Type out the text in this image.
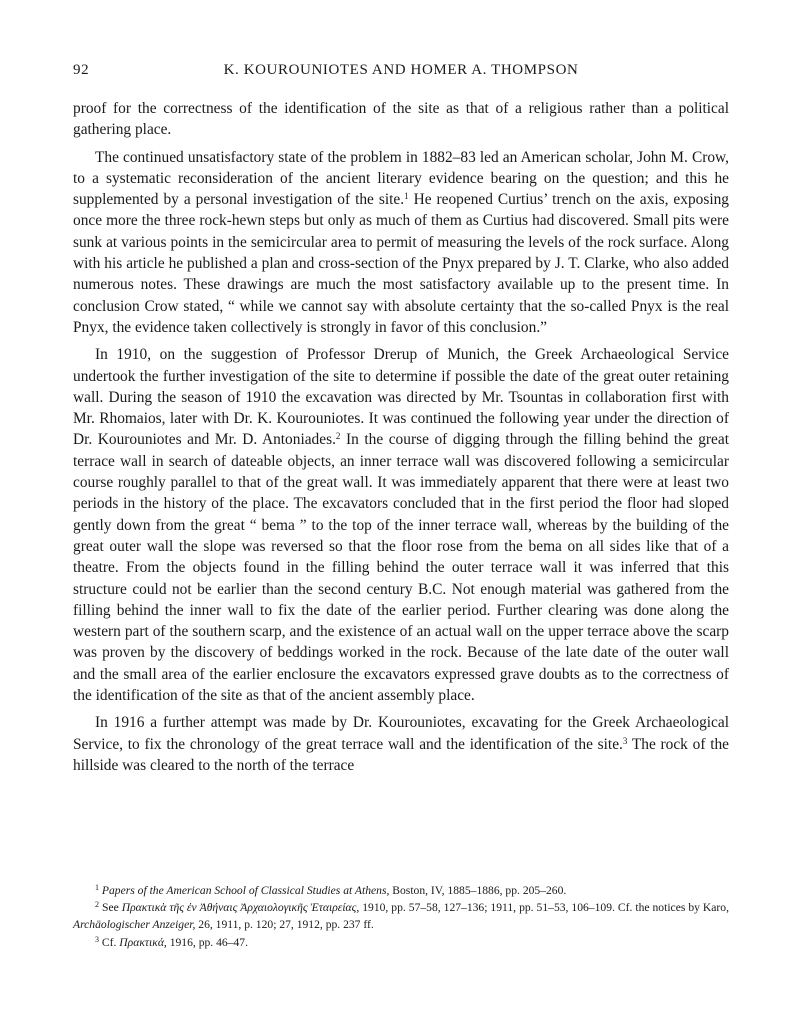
92	K. KOUROUNIOTES AND HOMER A. THOMPSON

proof for the correctness of the identification of the site as that of a religious rather than a political gathering place.

The continued unsatisfactory state of the problem in 1882–83 led an American scholar, John M. Crow, to a systematic reconsideration of the ancient literary evidence bearing on the question; and this he supplemented by a personal investigation of the site.$^1$ He reopened Curtius’ trench on the axis, exposing once more the three rock-hewn steps but only as much of them as Curtius had discovered. Small pits were sunk at various points in the semicircular area to permit of measuring the levels of the rock surface. Along with his article he published a plan and cross-section of the Pnyx prepared by J. T. Clarke, who also added numerous notes. These drawings are much the most satisfactory available up to the present time. In conclusion Crow stated, “ while we cannot say with absolute certainty that the so-called Pnyx is the real Pnyx, the evidence taken collectively is strongly in favor of this conclusion.”

In 1910, on the suggestion of Professor Drerup of Munich, the Greek Archaeological Service undertook the further investigation of the site to determine if possible the date of the great outer retaining wall. During the season of 1910 the excavation was directed by Mr. Tsountas in collaboration first with Mr. Rhomaios, later with Dr. K. Kourouniotes. It was continued the following year under the direction of Dr. Kourouniotes and Mr. D. Antoniades.$^2$ In the course of digging through the filling behind the great terrace wall in search of dateable objects, an inner terrace wall was discovered following a semicircular course roughly parallel to that of the great wall. It was immediately apparent that there were at least two periods in the history of the place. The excavators concluded that in the first period the floor had sloped gently down from the great “ bema ” to the top of the inner terrace wall, whereas by the building of the great outer wall the slope was reversed so that the floor rose from the bema on all sides like that of a theatre. From the objects found in the filling behind the outer terrace wall it was inferred that this structure could not be earlier than the second century B.C. Not enough material was gathered from the filling behind the inner wall to fix the date of the earlier period. Further clearing was done along the western part of the southern scarp, and the existence of an actual wall on the upper terrace above the scarp was proven by the discovery of beddings worked in the rock. Because of the late date of the outer wall and the small area of the earlier enclosure the excavators expressed grave doubts as to the correctness of the identification of the site as that of the ancient assembly place.

In 1916 a further attempt was made by Dr. Kourouniotes, excavating for the Greek Archaeological Service, to fix the chronology of the great terrace wall and the identification of the site.$^3$ The rock of the hillside was cleared to the north of the terrace

$^1$ Papers of the American School of Classical Studies at Athens, Boston, IV, 1885–1886, pp. 205–260.

$^2$ See Πρακτικὰ τῆς ἐν Ἀθήναις Ἀρχαιολογικῆς Ἑταιρείας, 1910, pp. 57–58, 127–136; 1911, pp. 51–53, 106–109. Cf. the notices by Karo, Archäologischer Anzeiger, 26, 1911, p. 120; 27, 1912, pp. 237 ff.

$^3$ Cf. Πρακτικά, 1916, pp. 46–47.
